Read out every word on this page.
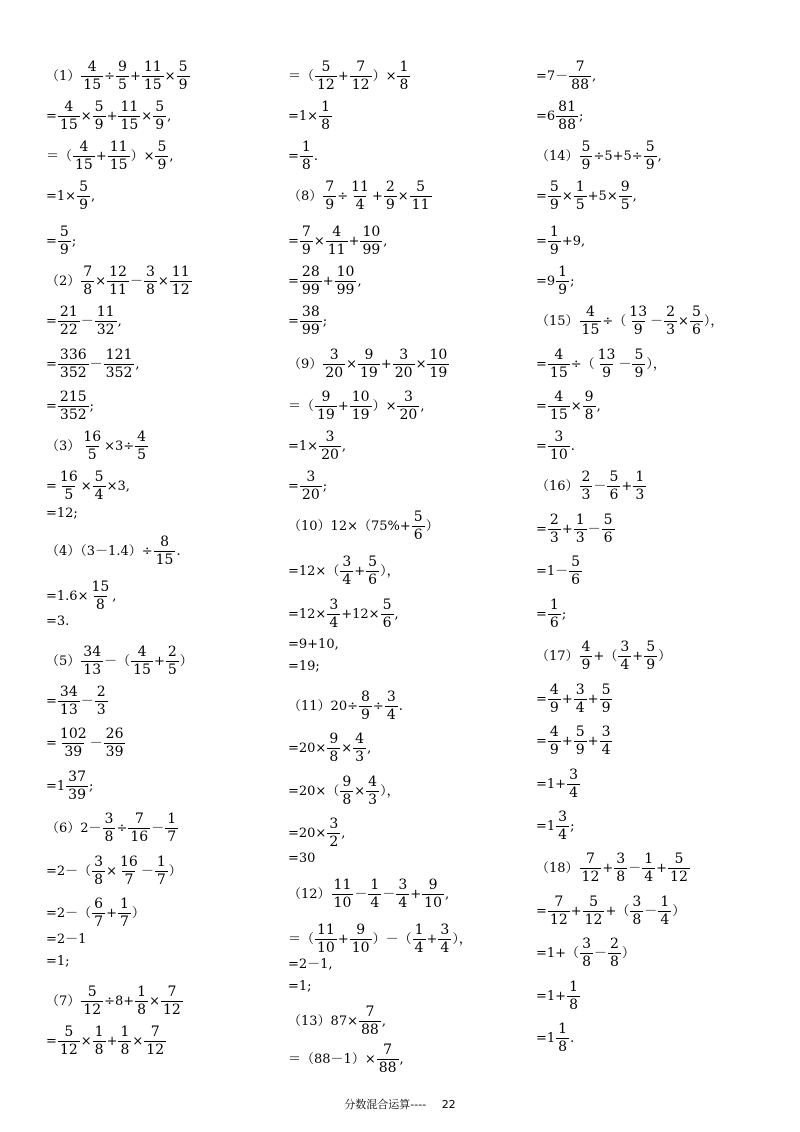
$(1) \frac{4}{15} \div \frac{9}{5} + \frac{11}{15} \times \frac{5}{9}$
= $\frac{4}{15} \times \frac{5}{9} + \frac{11}{15} \times \frac{5}{9}$ ,
＝（ $\frac{4}{15} + \frac{11}{15}$ ）× $\frac{5}{9}$ ,
$=1\times \frac{5}{9}$ ,
= $\frac{5}{9}$ ;
$(2) \frac{7}{8} \times \frac{12}{11} - \frac{3}{8} \times \frac{11}{12}$
= $\frac{21}{22} - \frac{11}{32}$ ,
= $\frac{336}{352} - \frac{121}{352}$ ,
= $\frac{215}{352}$ ;
$(3) \frac{16}{5} \times 3\div \frac{4}{5}$
= $\frac{16}{5} \times \frac{5}{4} \times 3$,
=12;
$(4)(3-1.4)\div \frac{8}{15}$ .
$=1.6\times \frac{15}{8}$ ,
=3.
$(5) \frac{34}{13}$ －（ $\frac{4}{15} + \frac{2}{5}$ ）
= $\frac{34}{13} - \frac{2}{3}$
= $\frac{102}{39} - \frac{26}{39}$
$=1 \frac{37}{39}$ ;
$(6)2- \frac{3}{8} \div \frac{7}{16} - \frac{1}{7}$
$=2-( \frac{3}{8} \times \frac{16}{7} - \frac{1}{7}$ ）
$=2-( \frac{6}{7} + \frac{1}{7}$ ）
=2－1
=1;
$(7) \frac{5}{12} \div 8+ \frac{1}{8} \times \frac{7}{12}$
= $\frac{5}{12} \times \frac{1}{8} + \frac{1}{8} \times \frac{7}{12}$
＝（ $\frac{5}{12} + \frac{7}{12}$ ）× $\frac{1}{8}$
$=1\times \frac{1}{8}$
= $\frac{1}{8}$ .
$(8) \frac{7}{9} \div \frac{11}{4} + \frac{2}{9} \times \frac{5}{11}$
= $\frac{7}{9} \times \frac{4}{11} + \frac{10}{99}$ ,
= $\frac{28}{99} + \frac{10}{99}$ ,
= $\frac{38}{99}$ ;
$(9) \frac{3}{20} \times \frac{9}{19} + \frac{3}{20} \times \frac{10}{19}$
＝（ $\frac{9}{19} + \frac{10}{19}$ ）× $\frac{3}{20}$ ,
$=1\times \frac{3}{20}$ ,
= $\frac{3}{20}$ ;
$(10)12\times(75\%+ \frac{5}{6}$ ）
$=12\times( \frac{3}{4} + \frac{5}{6}$ ），
$=12\times \frac{3}{4} +12\times \frac{5}{6}$ ,
=9+10,
=19;
$(11)20\div \frac{8}{9} \div \frac{3}{4}$ .
$=20\times \frac{9}{8} \times \frac{4}{3}$ ,
$=20\times( \frac{9}{8} \times \frac{4}{3}$ ），
$=20\times \frac{3}{2}$ ,
=30
$(12) \frac{11}{10} - \frac{1}{4} - \frac{3}{4} + \frac{9}{10}$ ,
＝（ $\frac{11}{10} + \frac{9}{10}$ ）－（ $\frac{1}{4} + \frac{3}{4}$ ），
=2－1,
=1;
$(13)87\times \frac{7}{88}$ ,
$=(88-1)\times \frac{7}{88}$ ,
$=7- \frac{7}{88}$ ,
$=6 \frac{81}{88}$ ;
$(14) \frac{5}{9} \div 5+5\div \frac{5}{9}$ ,
= $\frac{5}{9} \times \frac{1}{5} +5\times \frac{9}{5}$ ,
= $\frac{1}{9} +9$,
$=9 \frac{1}{9}$ ;
$(15) \frac{4}{15}$ ÷（ $\frac{13}{9} - \frac{2}{3} \times \frac{5}{6}$ ），
= $\frac{4}{15}$ ÷（ $\frac{13}{9} - \frac{5}{9}$ ），
= $\frac{4}{15} \times \frac{9}{8}$ ,
= $\frac{3}{10}$ .
$(16) \frac{2}{3} - \frac{5}{6} + \frac{1}{3}$
= $\frac{2}{3} + \frac{1}{3} - \frac{5}{6}$
$=1- \frac{5}{6}$
= $\frac{1}{6}$ ;
$(17) \frac{4}{9}$ +（ $\frac{3}{4} + \frac{5}{9}$ ）
= $\frac{4}{9} + \frac{3}{4} + \frac{5}{9}$
= $\frac{4}{9} + \frac{5}{9} + \frac{3}{4}$
$=1+ \frac{3}{4}$
$=1 \frac{3}{4}$ ;
$(18) \frac{7}{12} + \frac{3}{8} - \frac{1}{4} + \frac{5}{12}$
= $\frac{7}{12} + \frac{5}{12}$ +（ $\frac{3}{8} - \frac{1}{4}$ ）
$=1+( \frac{3}{8} - \frac{2}{8}$ ）
$=1+ \frac{1}{8}$
$=1 \frac{1}{8}$ .
分数混合运算---- 22
